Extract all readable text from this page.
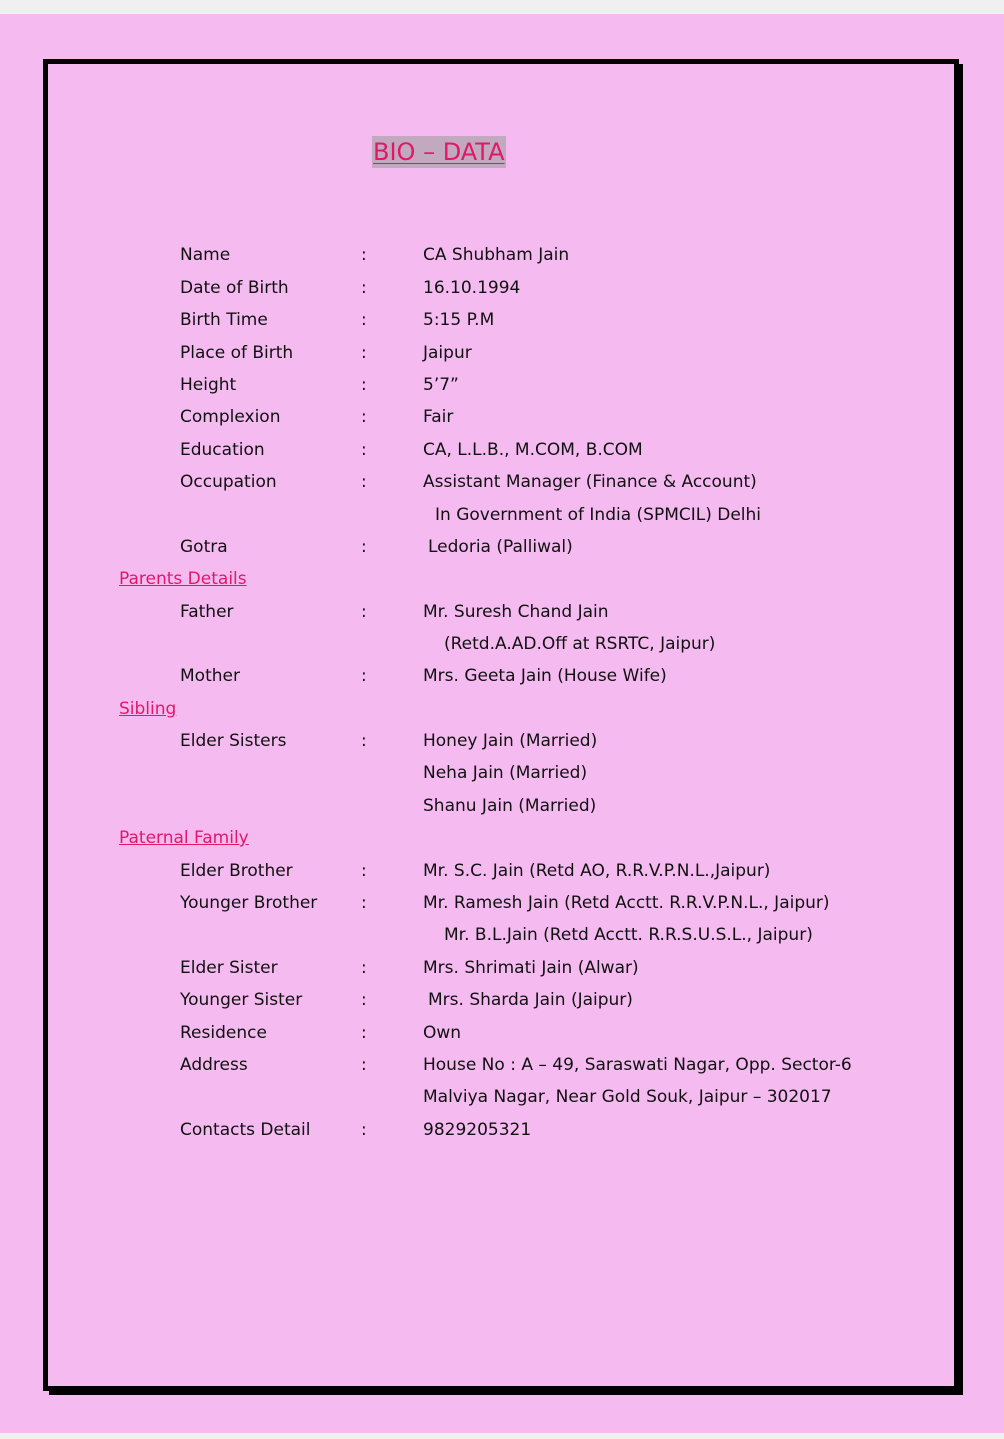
BIO – DATA
Name	:	CA Shubham Jain
Date of Birth	:	16.10.1994
Birth Time	:	5:15 P.M
Place of Birth	:	Jaipur
Height	:	5’7”
Complexion	:	Fair
Education	:	CA, L.L.B., M.COM, B.COM
Occupation	:	Assistant Manager (Finance & Account)
In Government of India (SPMCIL) Delhi
Gotra	:	Ledoria (Palliwal)
Parents Details
Father	:	Mr. Suresh Chand Jain
(Retd.A.AD.Off at RSRTC, Jaipur)
Mother	:	Mrs. Geeta Jain (House Wife)
Sibling
Elder Sisters	:	Honey Jain (Married)
Neha Jain (Married)
Shanu Jain (Married)
Paternal Family
Elder Brother	:	Mr. S.C. Jain (Retd AO, R.R.V.P.N.L.,Jaipur)
Younger Brother	:	Mr. Ramesh Jain (Retd Acctt. R.R.V.P.N.L., Jaipur)
Mr. B.L.Jain (Retd Acctt. R.R.S.U.S.L., Jaipur)
Elder Sister	:	Mrs. Shrimati Jain (Alwar)
Younger Sister	:	Mrs. Sharda Jain (Jaipur)
Residence	:	Own
Address	:	House No : A – 49, Saraswati Nagar, Opp. Sector-6
Malviya Nagar, Near Gold Souk, Jaipur – 302017
Contacts Detail	:	9829205321
